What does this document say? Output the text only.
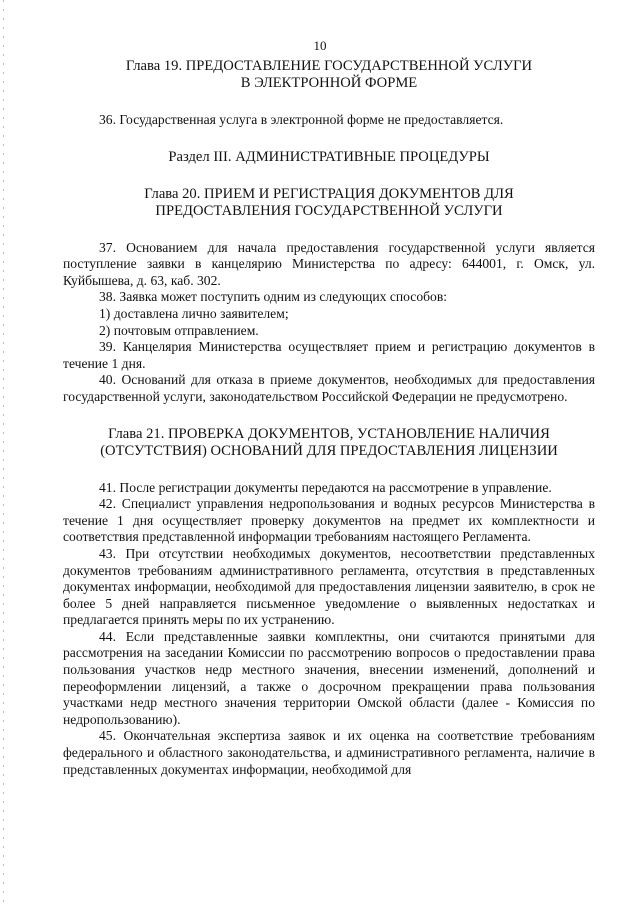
10
Глава 19. ПРЕДОСТАВЛЕНИЕ ГОСУДАРСТВЕННОЙ УСЛУГИ
В ЭЛЕКТРОННОЙ ФОРМЕ

36. Государственная услуга в электронной форме не предоставляется.

Раздел III. АДМИНИСТРАТИВНЫЕ ПРОЦЕДУРЫ
Глава 20. ПРИЕМ И РЕГИСТРАЦИЯ ДОКУМЕНТОВ ДЛЯ
ПРЕДОСТАВЛЕНИЯ ГОСУДАРСТВЕННОЙ УСЛУГИ

37. Основанием для начала предоставления государственной услуги является поступление заявки в канцелярию Министерства по адресу: 644001, г. Омск, ул. Куйбышева, д. 63, каб. 302.

38. Заявка может поступить одним из следующих способов:

1) доставлена лично заявителем;

2) почтовым отправлением.

39. Канцелярия Министерства осуществляет прием и регистрацию документов в течение 1 дня.

40. Оснований для отказа в приеме документов, необходимых для предоставления государственной услуги, законодательством Российской Федерации не предусмотрено.

Глава 21. ПРОВЕРКА ДОКУМЕНТОВ, УСТАНОВЛЕНИЕ НАЛИЧИЯ
(ОТСУТСТВИЯ) ОСНОВАНИЙ ДЛЯ ПРЕДОСТАВЛЕНИЯ ЛИЦЕНЗИИ

41. После регистрации документы передаются на рассмотрение в управление.

42. Специалист управления недропользования и водных ресурсов Министерства в течение 1 дня осуществляет проверку документов на предмет их комплектности и соответствия представленной информации требованиям настоящего Регламента.

43. При отсутствии необходимых документов, несоответствии представленных документов требованиям административного регламента, отсутствия в представленных документах информации, необходимой для предоставления лицензии заявителю, в срок не более 5 дней направляется письменное уведомление о выявленных недостатках и предлагается принять меры по их устранению.

44. Если представленные заявки комплектны, они считаются принятыми для рассмотрения на заседании Комиссии по рассмотрению вопросов о предоставлении права пользования участков недр местного значения, внесении изменений, дополнений и переоформлении лицензий, а также о досрочном прекращении права пользования участками недр местного значения территории Омской области (далее - Комиссия по недропользованию).

45. Окончательная экспертиза заявок и их оценка на соответствие требованиям федерального и областного законодательства, и административного регламента, наличие в представленных документах информации, необходимой для
